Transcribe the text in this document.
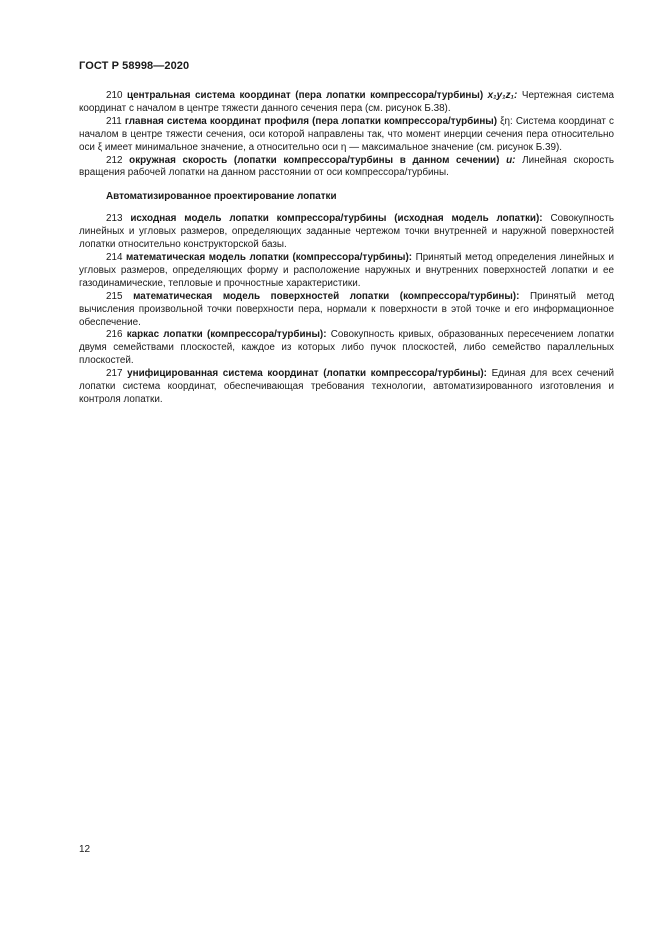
ГОСТ Р 58998—2020

210 центральная система координат (пера лопатки компрессора/турбины) x₁y₁z₁: Чертежная система координат с началом в центре тяжести данного сечения пера (см. рисунок Б.38).

211 главная система координат профиля (пера лопатки компрессора/турбины) ξη: Система координат с началом в центре тяжести сечения, оси которой направлены так, что момент инерции сечения пера относительно оси ξ имеет минимальное значение, а относительно оси η — максимальное значение (см. рисунок Б.39).

212 окружная скорость (лопатки компрессора/турбины в данном сечении) u: Линейная скорость вращения рабочей лопатки на данном расстоянии от оси компрессора/турбины.

Автоматизированное проектирование лопатки

213 исходная модель лопатки компрессора/турбины (исходная модель лопатки): Совокупность линейных и угловых размеров, определяющих заданные чертежом точки внутренней и наружной поверхностей лопатки относительно конструкторской базы.

214 математическая модель лопатки (компрессора/турбины): Принятый метод определения линейных и угловых размеров, определяющих форму и расположение наружных и внутренних поверхностей лопатки и ее газодинамические, тепловые и прочностные характеристики.

215 математическая модель поверхностей лопатки (компрессора/турбины): Принятый метод вычисления произвольной точки поверхности пера, нормали к поверхности в этой точке и его информационное обеспечение.

216 каркас лопатки (компрессора/турбины): Совокупность кривых, образованных пересечением лопатки двумя семействами плоскостей, каждое из которых либо пучок плоскостей, либо семейство параллельных плоскостей.

217 унифицированная система координат (лопатки компрессора/турбины): Единая для всех сечений лопатки система координат, обеспечивающая требования технологии, автоматизированного изготовления и контроля лопатки.

12
